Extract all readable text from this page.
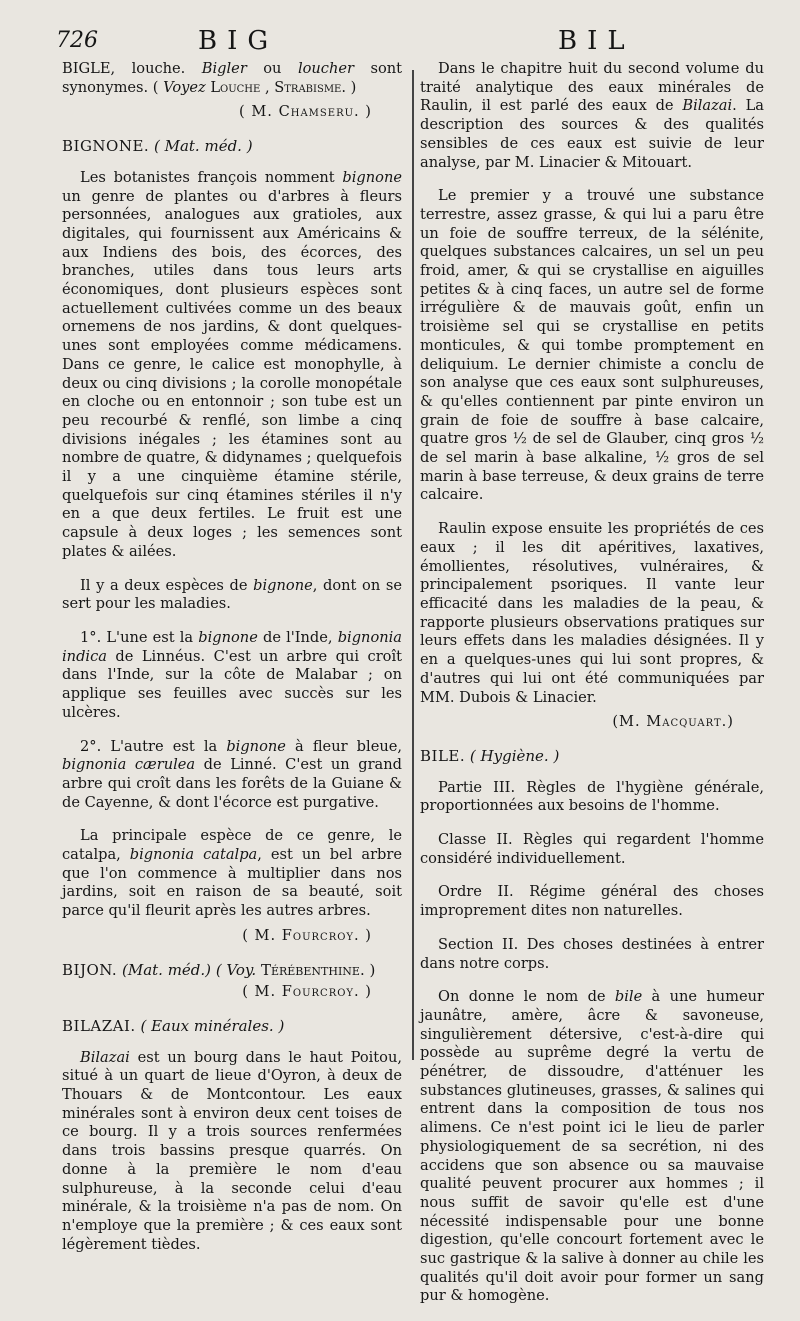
726	BIG	BIL

BIGLE, louche. Bigler ou loucher sont synonymes. ( Voyez Louche , Strabisme. )

( M. Chamseru. )
BIGNONE. ( Mat. méd. )

Les botanistes françois nomment bignone un genre de plantes ou d'arbres à fleurs personnées, analogues aux gratioles, aux digitales, qui fournissent aux Américains & aux Indiens des bois, des écorces, des branches, utiles dans tous leurs arts économiques, dont plusieurs espèces sont actuellement cultivées comme un des beaux ornemens de nos jardins, & dont quelques-unes sont employées comme médicamens. Dans ce genre, le calice est monophylle, à deux ou cinq divisions ; la corolle monopétale en cloche ou en entonnoir ; son tube est un peu recourbé & renflé, son limbe a cinq divisions inégales ; les étamines sont au nombre de quatre, & didynames ; quelquefois il y a une cinquième étamine stérile, quelquefois sur cinq étamines stériles il n'y en a que deux fertiles. Le fruit est une capsule à deux loges ; les semences sont plates & ailées.

Il y a deux espèces de bignone, dont on se sert pour les maladies.

1°. L'une est la bignone de l'Inde, bignonia indica de Linnéus. C'est un arbre qui croît dans l'Inde, sur la côte de Malabar ; on applique ses feuilles avec succès sur les ulcères.

2°. L'autre est la bignone à fleur bleue, bignonia cærulea de Linné. C'est un grand arbre qui croît dans les forêts de la Guiane & de Cayenne, & dont l'écorce est purgative.

La principale espèce de ce genre, le catalpa, bignonia catalpa, est un bel arbre que l'on commence à multiplier dans nos jardins, soit en raison de sa beauté, soit parce qu'il fleurit après les autres arbres.

( M. Fourcroy. )
BIJON. (Mat. méd.) ( Voy. Térébenthine. )
( M. Fourcroy. )
BILAZAI. ( Eaux minérales. )

Bilazai est un bourg dans le haut Poitou, situé à un quart de lieue d'Oyron, à deux de Thouars & de Montcontour. Les eaux minérales sont à environ deux cent toises de ce bourg. Il y a trois sources renfermées dans trois bassins presque quarrés. On donne à la première le nom d'eau sulphureuse, à la seconde celui d'eau minérale, & la troisième n'a pas de nom. On n'employe que la première ; & ces eaux sont légèrement tièdes.

Dans le chapitre huit du second volume du traité analytique des eaux minérales de Raulin, il est parlé des eaux de Bilazai. La description des sources & des qualités sensibles de ces eaux est suivie de leur analyse, par M. Linacier & Mitouart.

Le premier y a trouvé une substance terrestre, assez grasse, & qui lui a paru être un foie de souffre terreux, de la sélénite, quelques substances calcaires, un sel un peu froid, amer, & qui se crystallise en aiguilles petites & à cinq faces, un autre sel de forme irrégulière & de mauvais goût, enfin un troisième sel qui se crystallise en petits monticules, & qui tombe promptement en deliquium. Le dernier chimiste a conclu de son analyse que ces eaux sont sulphureuses, & qu'elles contiennent par pinte environ un grain de foie de souffre à base calcaire, quatre gros ½ de sel de Glauber, cinq gros ½ de sel marin à base alkaline, ½ gros de sel marin à base terreuse, & deux grains de terre calcaire.

Raulin expose ensuite les propriétés de ces eaux ; il les dit apéritives, laxatives, émollientes, résolutives, vulnéraires, & principalement psoriques. Il vante leur efficacité dans les maladies de la peau, & rapporte plusieurs observations pratiques sur leurs effets dans les maladies désignées. Il y en a quelques-unes qui lui sont propres, & d'autres qui lui ont été communiquées par MM. Dubois & Linacier.

(M. Macquart.)
BILE. ( Hygiène. )

Partie III. Règles de l'hygiène générale, proportionnées aux besoins de l'homme.

Classe II. Règles qui regardent l'homme considéré individuellement.

Ordre II. Régime général des choses improprement dites non naturelles.

Section II. Des choses destinées à entrer dans notre corps.

On donne le nom de bile à une humeur jaunâtre, amère, âcre & savoneuse, singulièrement détersive, c'est-à-dire qui possède au suprême degré la vertu de pénétrer, de dissoudre, d'atténuer les substances glutineuses, grasses, & salines qui entrent dans la composition de tous nos alimens. Ce n'est point ici le lieu de parler physiologiquement de sa secrétion, ni des accidens que son absence ou sa mauvaise qualité peuvent procurer aux hommes ; il nous suffit de savoir qu'elle est d'une nécessité indispensable pour une bonne digestion, qu'elle concourt fortement avec le suc gastrique & la salive à donner au chile les qualités qu'il doit avoir pour former un sang pur & homogène.
